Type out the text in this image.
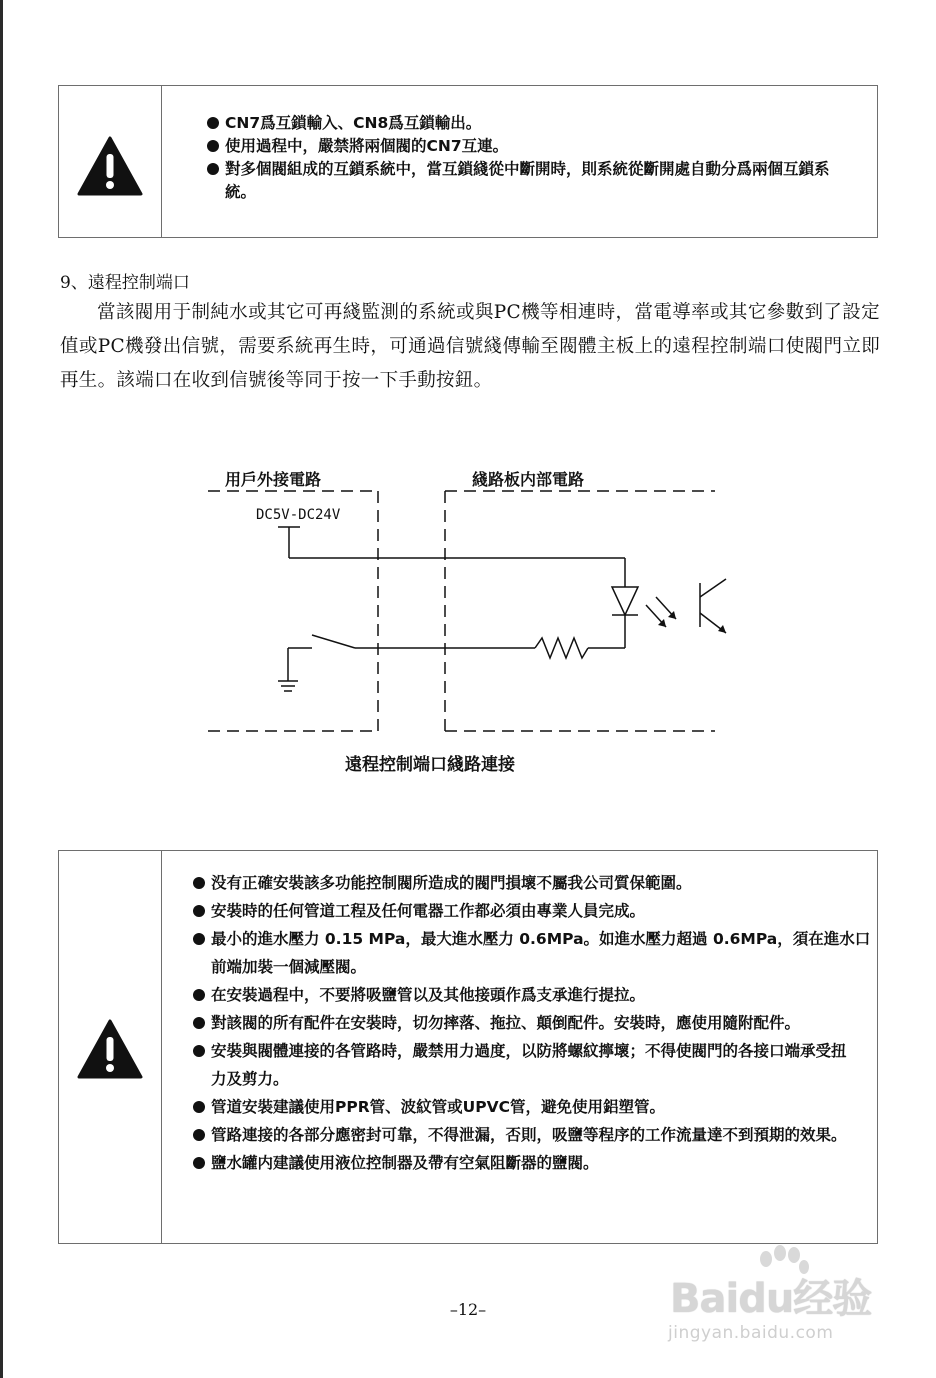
CN7爲互鎖輸入、CN8爲互鎖輸出。
使用過程中，嚴禁將兩個閥的CN7互連。
對多個閥組成的互鎖系統中，當互鎖綫從中斷開時，則系統從斷開處自動分爲兩個互鎖系統。
9、遠程控制端口

當該閥用于制純水或其它可再綫監測的系統或與PC機等相連時，當電導率或其它參數到了設定值或PC機發出信號，需要系統再生時，可通過信號綫傳輸至閥體主板上的遠程控制端口使閥門立即再生。該端口在收到信號後等同于按一下手動按鈕。

用戶外接電路	綫路板内部電路
DC5V-DC24V

遠程控制端口綫路連接

没有正確安裝該多功能控制閥所造成的閥門損壞不屬我公司質保範圍。
安裝時的任何管道工程及任何電器工作都必須由專業人員完成。
最小的進水壓力 0.15 MPa，最大進水壓力 0.6MPa。如進水壓力超過 0.6MPa，須在進水口前端加裝一個減壓閥。
在安裝過程中，不要將吸鹽管以及其他接頭作爲支承進行提拉。
對該閥的所有配件在安裝時，切勿摔落、拖拉、顛倒配件。安裝時，應使用隨附配件。
安裝與閥體連接的各管路時，嚴禁用力過度，以防將螺紋擰壞；不得使閥門的各接口端承受扭力及剪力。
管道安裝建議使用PPR管、波紋管或UPVC管，避免使用鋁塑管。
管路連接的各部分應密封可靠，不得泄漏，否則，吸鹽等程序的工作流量達不到預期的效果。
鹽水罐内建議使用液位控制器及帶有空氣阻斷器的鹽閥。
–12–	Baidu经验
jingyan.baidu.com
